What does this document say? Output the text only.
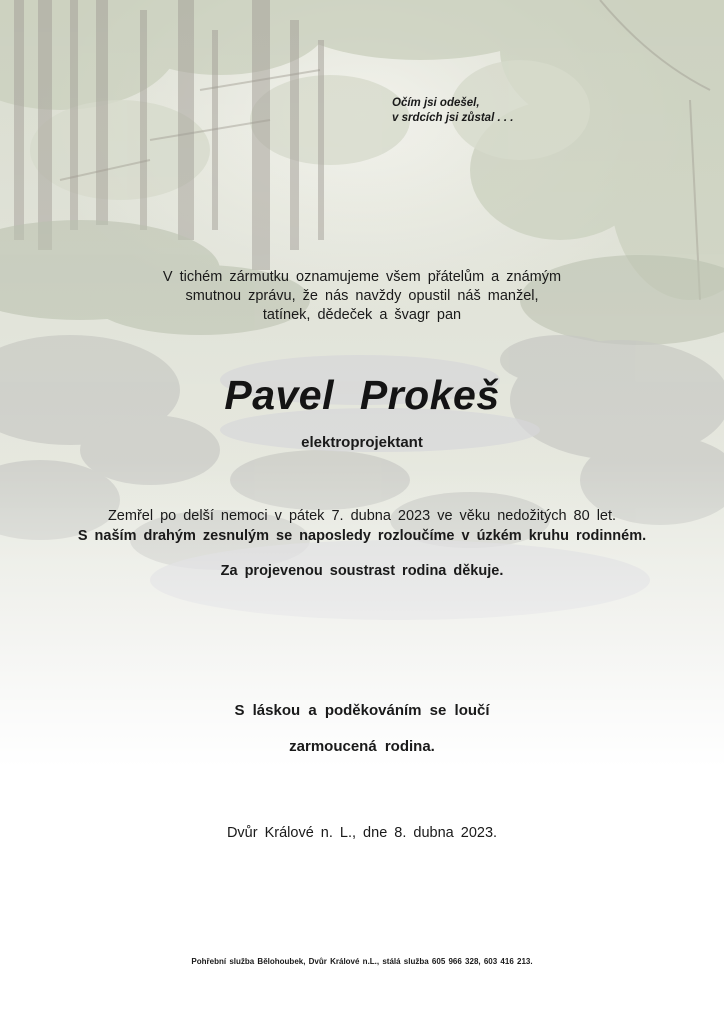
Očím jsi odešel,
v srdcích jsi zůstal . . .
V tichém zármutku oznamujeme všem přátelům a známým
smutnou zprávu, že nás navždy opustil náš manžel,
tatínek, dědeček a švagr pan
Pavel Prokeš
elektroprojektant
Zemřel po delší nemoci v pátek 7. dubna 2023 ve věku nedožitých 80 let.
S naším drahým zesnulým se naposledy rozloučíme v úzkém kruhu rodinném.
Za projevenou soustrast rodina děkuje.
S láskou a poděkováním se loučí
zarmoucená rodina.
Dvůr Králové n. L., dne 8. dubna 2023.
Pohřební služba Bělohoubek, Dvůr Králové n.L., stálá služba 605 966 328, 603 416 213.
